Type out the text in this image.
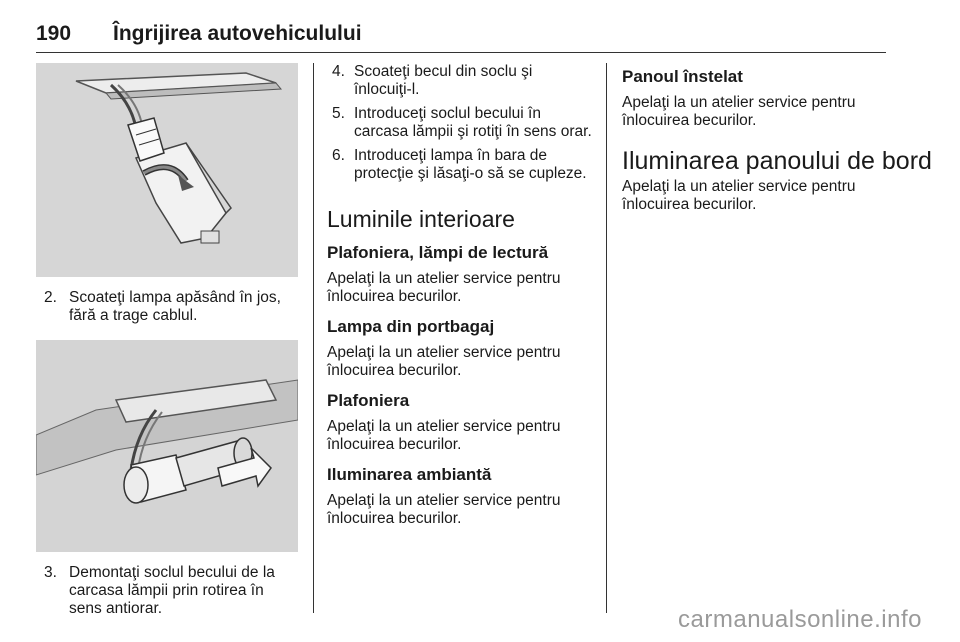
190 Îngrijirea autovehiculului
2. Scoateţi lampa apăsând în jos, fără a trage cablul.
3. Demontaţi soclul becului de la carcasa lămpii prin rotirea în sens antiorar.
4. Scoateţi becul din soclu şi înlocuiţi-l.
5. Introduceţi soclul becului în carcasa lămpii şi rotiţi în sens orar.
6. Introduceţi lampa în bara de protecţie şi lăsaţi-o să se cupleze.
Luminile interioare
Plafoniera, lămpi de lectură

Apelaţi la un atelier service pentru înlocuirea becurilor.

Lampa din portbagaj

Apelaţi la un atelier service pentru înlocuirea becurilor.

Plafoniera

Apelaţi la un atelier service pentru înlocuirea becurilor.

Iluminarea ambiantă

Apelaţi la un atelier service pentru înlocuirea becurilor.

Panoul înstelat

Apelaţi la un atelier service pentru înlocuirea becurilor.

Iluminarea panoului de bord

Apelaţi la un atelier service pentru înlocuirea becurilor.

carmanualsonline.info
